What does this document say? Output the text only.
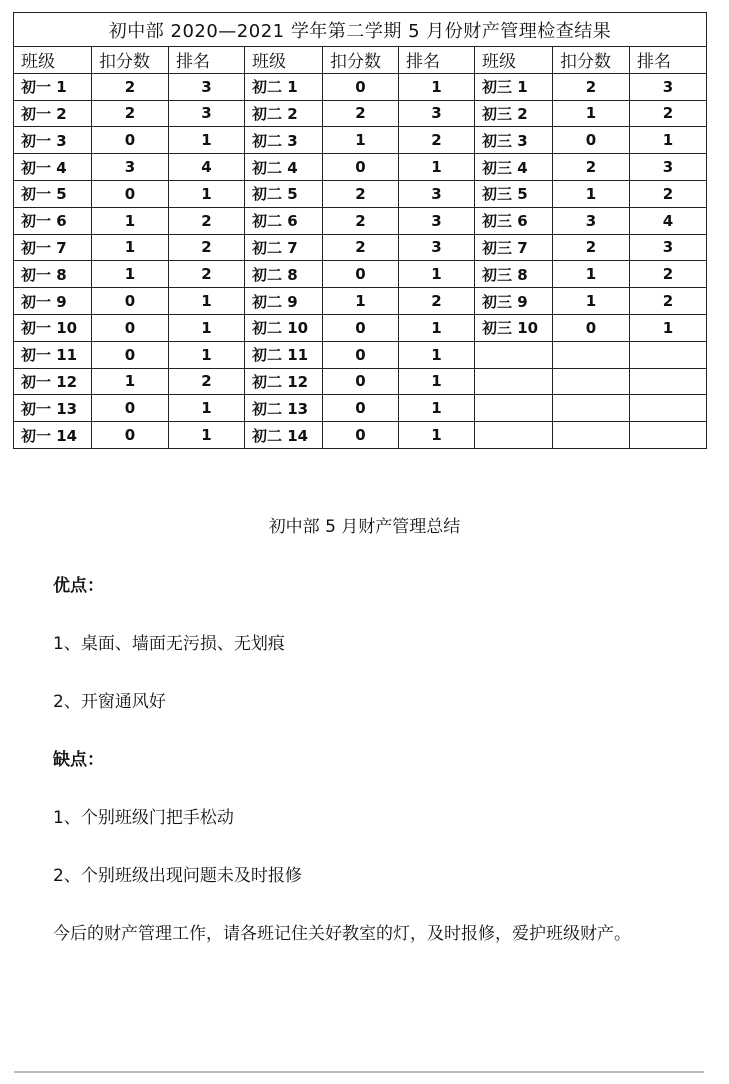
初中部 2020—2021 学年第二学期 5 月份财产管理检查结果								
班级	扣分数	排名	班级	扣分数	排名	班级	扣分数	排名
初一 1	2	3	初二 1	0	1	初三 1	2	3
初一 2	2	3	初二 2	2	3	初三 2	1	2
初一 3	0	1	初二 3	1	2	初三 3	0	1
初一 4	3	4	初二 4	0	1	初三 4	2	3
初一 5	0	1	初二 5	2	3	初三 5	1	2
初一 6	1	2	初二 6	2	3	初三 6	3	4
初一 7	1	2	初二 7	2	3	初三 7	2	3
初一 8	1	2	初二 8	0	1	初三 8	1	2
初一 9	0	1	初二 9	1	2	初三 9	1	2
初一 10	0	1	初二 10	0	1	初三 10	0	1
初一 11	0	1	初二 11	0	1			
初一 12	1	2	初二 12	0	1			
初一 13	0	1	初二 13	0	1			
初一 14	0	1	初二 14	0	1			
初中部 5 月财产管理总结
优点：
1、桌面、墙面无污损、无划痕
2、开窗通风好
缺点：
1、个别班级门把手松动
2、个别班级出现问题未及时报修
今后的财产管理工作，请各班记住关好教室的灯，及时报修，爱护班级财产。
